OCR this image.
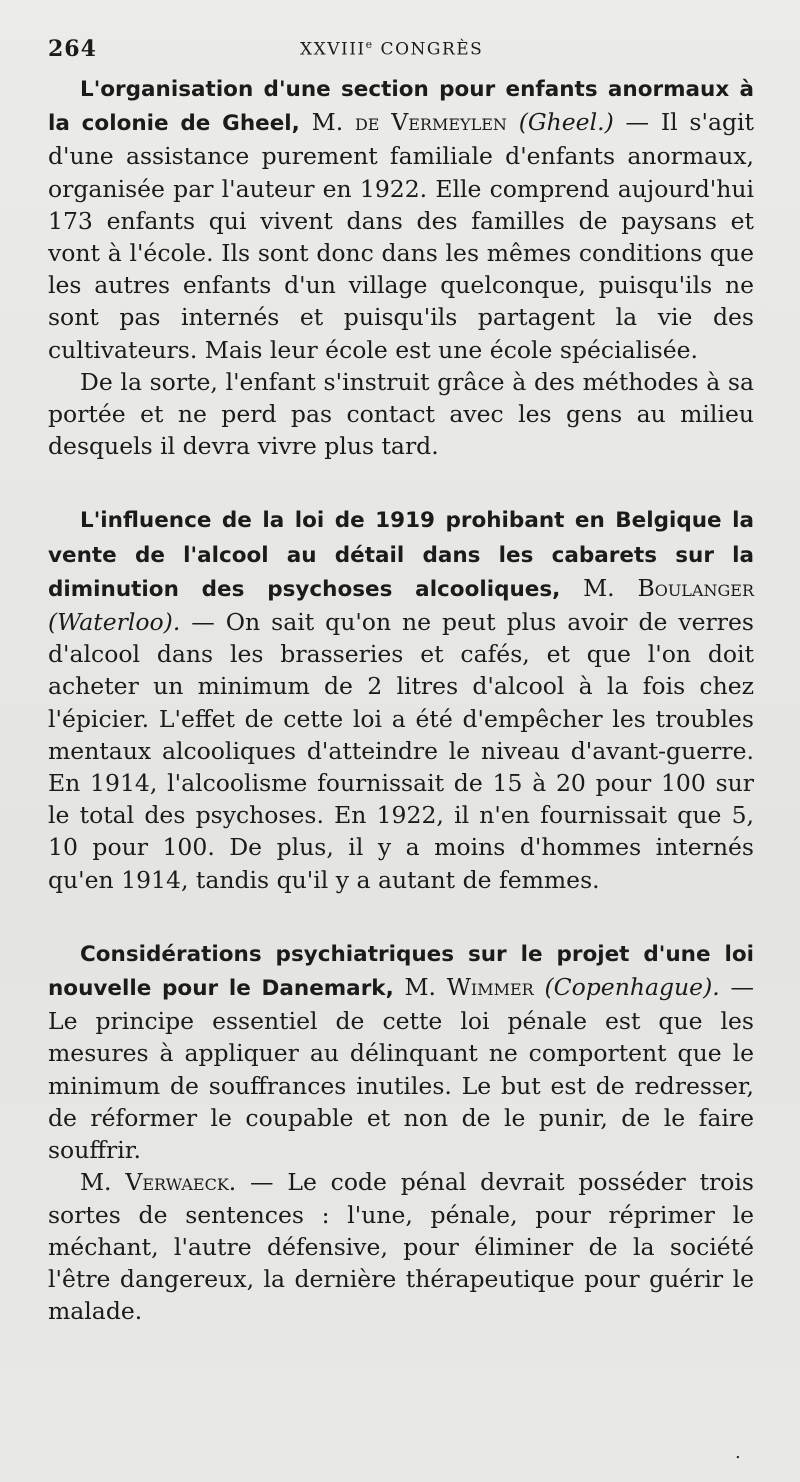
264	XXVIIIe CONGRÈS

L'organisation d'une section pour enfants anormaux à la colonie de Gheel, M. de Vermeylen (Gheel.) — Il s'agit d'une assistance purement familiale d'enfants anormaux, organisée par l'auteur en 1922. Elle comprend aujourd'hui 173 enfants qui vivent dans des familles de paysans et vont à l'école. Ils sont donc dans les mêmes conditions que les autres enfants d'un village quelconque, puisqu'ils ne sont pas internés et puisqu'ils partagent la vie des cultivateurs. Mais leur école est une école spécialisée.

De la sorte, l'enfant s'instruit grâce à des méthodes à sa portée et ne perd pas contact avec les gens au milieu desquels il devra vivre plus tard.

L'influence de la loi de 1919 prohibant en Belgique la vente de l'alcool au détail dans les cabarets sur la diminution des psychoses alcooliques, M. Boulanger (Waterloo). — On sait qu'on ne peut plus avoir de verres d'alcool dans les brasseries et cafés, et que l'on doit acheter un minimum de 2 litres d'alcool à la fois chez l'épicier. L'effet de cette loi a été d'empêcher les troubles mentaux alcooliques d'atteindre le niveau d'avant-guerre. En 1914, l'alcoolisme fournissait de 15 à 20 pour 100 sur le total des psychoses. En 1922, il n'en fournissait que 5, 10 pour 100. De plus, il y a moins d'hommes internés qu'en 1914, tandis qu'il y a autant de femmes.

Considérations psychiatriques sur le projet d'une loi nouvelle pour le Danemark, M. Wimmer (Copenhague). — Le principe essentiel de cette loi pénale est que les mesures à appliquer au délinquant ne comportent que le minimum de souffrances inutiles. Le but est de redresser, de réformer le coupable et non de le punir, de le faire souffrir.

M. Verwaeck. — Le code pénal devrait posséder trois sortes de sentences : l'une, pénale, pour réprimer le méchant, l'autre défensive, pour éliminer de la société l'être dangereux, la dernière thérapeutique pour guérir le malade.

.
